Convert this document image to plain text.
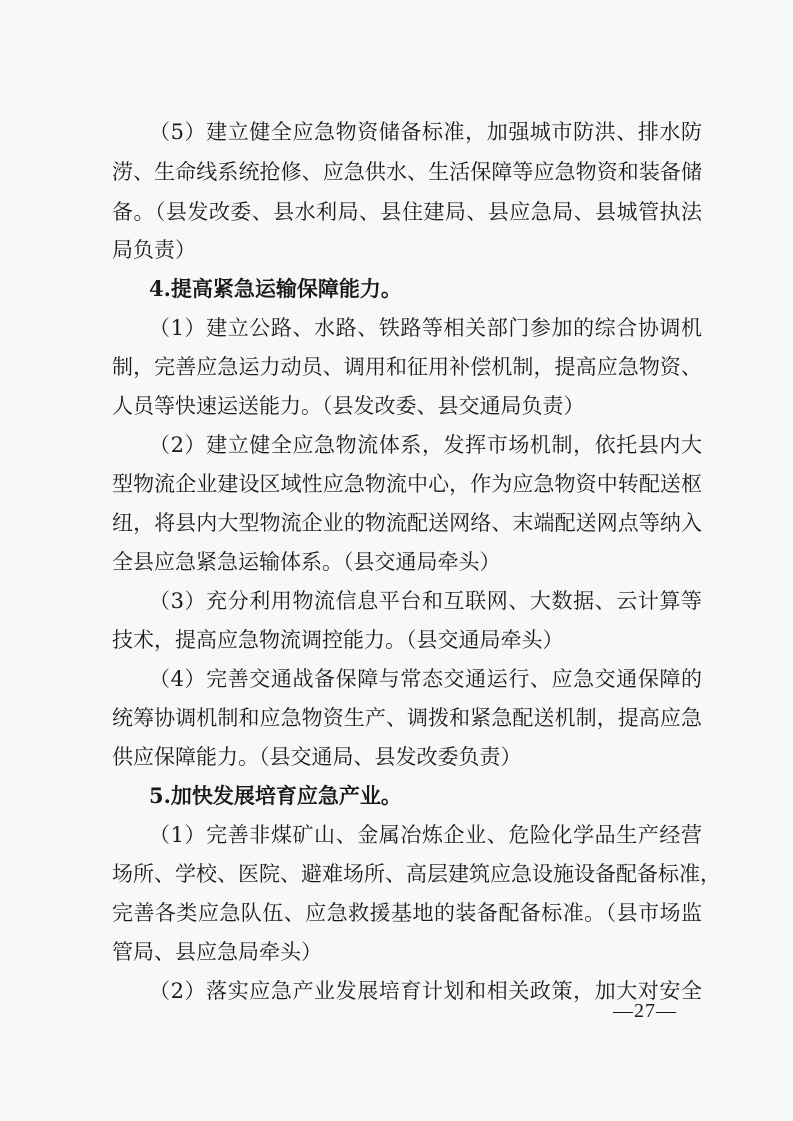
（5）建立健全应急物资储备标准，加强城市防洪、排水防
涝、生命线系统抢修、应急供水、生活保障等应急物资和装备储
备。（县发改委、县水利局、县住建局、县应急局、县城管执法
局负责）
4.提高紧急运输保障能力。
（1）建立公路、水路、铁路等相关部门参加的综合协调机
制，完善应急运力动员、调用和征用补偿机制，提高应急物资、
人员等快速运送能力。（县发改委、县交通局负责）
（2）建立健全应急物流体系，发挥市场机制，依托县内大
型物流企业建设区域性应急物流中心，作为应急物资中转配送枢
纽，将县内大型物流企业的物流配送网络、末端配送网点等纳入
全县应急紧急运输体系。（县交通局牵头）
（3）充分利用物流信息平台和互联网、大数据、云计算等
技术，提高应急物流调控能力。（县交通局牵头）
（4）完善交通战备保障与常态交通运行、应急交通保障的
统筹协调机制和应急物资生产、调拨和紧急配送机制，提高应急
供应保障能力。（县交通局、县发改委负责）
5.加快发展培育应急产业。
（1）完善非煤矿山、金属冶炼企业、危险化学品生产经营
场所、学校、医院、避难场所、高层建筑应急设施设备配备标准，
完善各类应急队伍、应急救援基地的装备配备标准。（县市场监
管局、县应急局牵头）
（2）落实应急产业发展培育计划和相关政策，加大对安全
—27—
